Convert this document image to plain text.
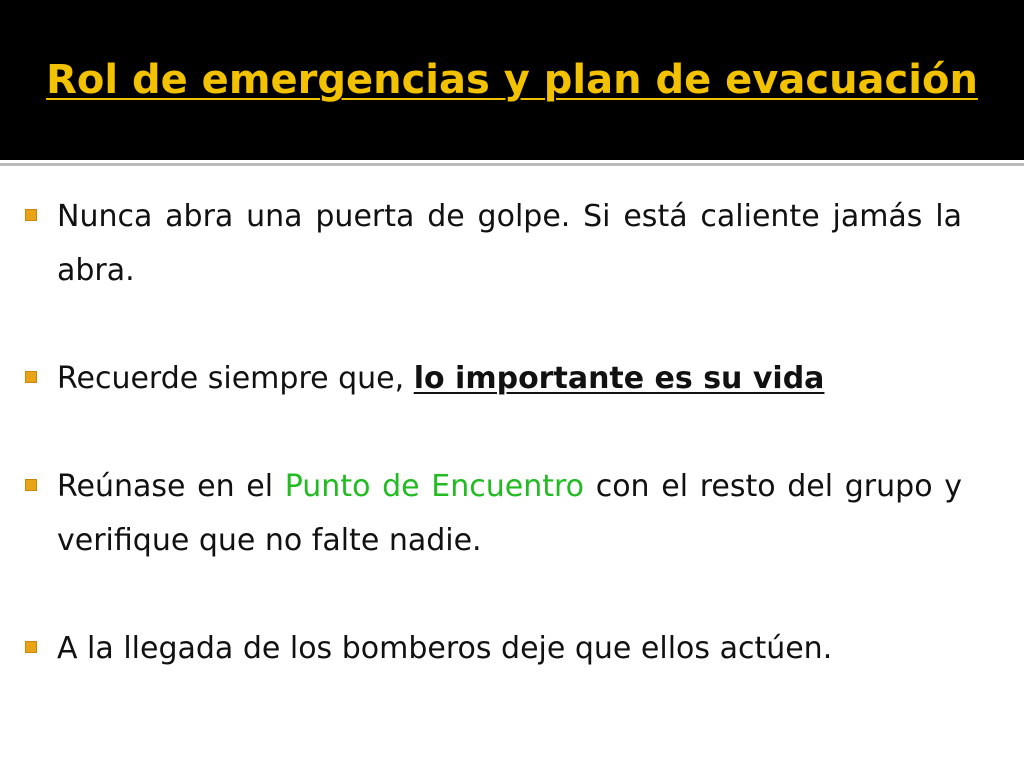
Rol de emergencias y plan de evacuación
Nunca abra una puerta de golpe. Si está caliente jamás la abra.
Recuerde siempre que, lo importante es su vida
Reúnase en el Punto de Encuentro con el resto del grupo y verifique que no falte nadie.
A la llegada de los bomberos deje que ellos actúen.
